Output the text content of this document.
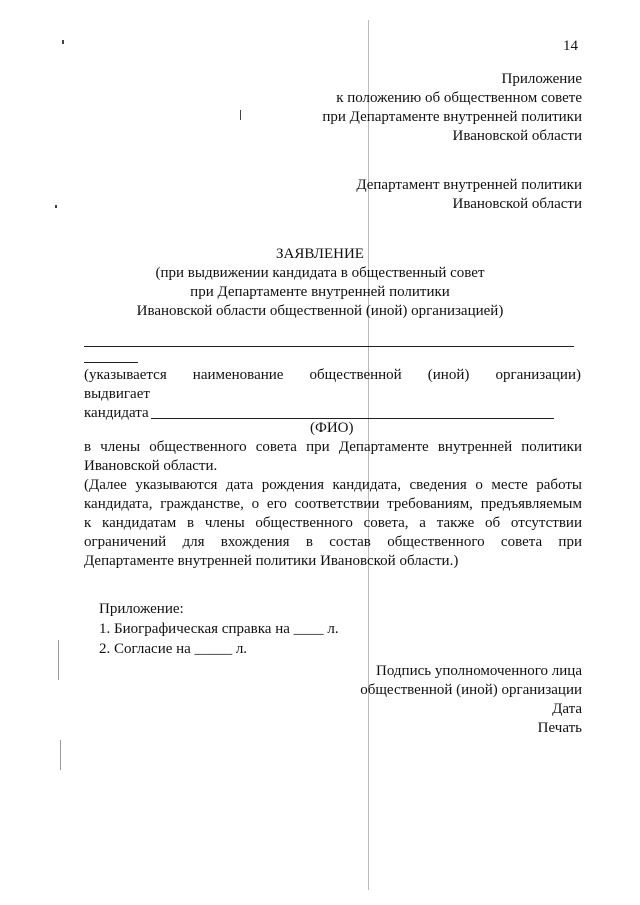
14
Приложение
к положению об общественном совете
при Департаменте внутренней политики
Ивановской области
Департамент внутренней политики
Ивановской области
ЗАЯВЛЕНИЕ
(при выдвижении кандидата в общественный совет
при Департаменте внутренней политики
Ивановской области общественной (иной) организацией)
(указывается наименование общественной (иной) организации)
выдвигает
кандидата
(ФИО)
в члены общественного совета при Департаменте внутренней политики
Ивановской области.
(Далее указываются дата рождения кандидата, сведения о месте работы
кандидата, гражданстве, о его соответствии требованиям, предъявляемым
к кандидатам в члены общественного совета, а также об отсутствии
ограничений для вхождения в состав общественного совета при
Департаменте внутренней политики Ивановской области.)
Приложение:
1. Биографическая справка на ____ л.
2. Согласие на _____ л.
Подпись уполномоченного лица
общественной (иной) организации
Дата
Печать
